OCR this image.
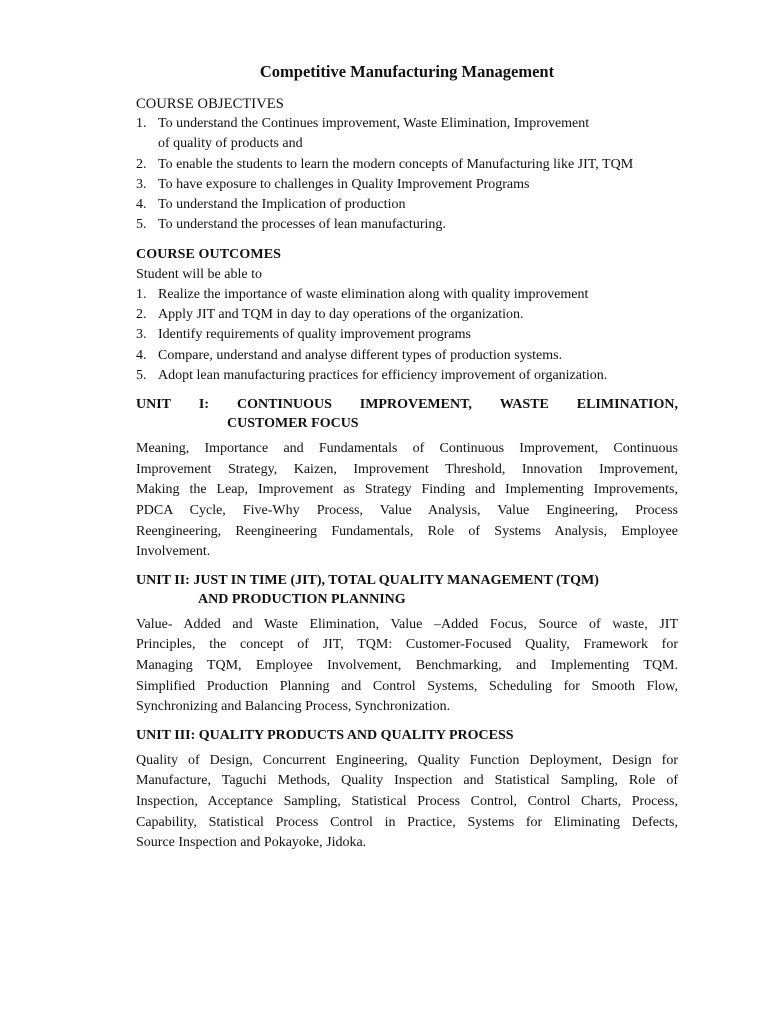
Competitive Manufacturing Management
COURSE OBJECTIVES
1. To understand the Continues improvement, Waste Elimination, Improvement
of quality of products and
2. To enable the students to learn the modern concepts of Manufacturing like JIT, TQM
3. To have exposure to challenges in Quality Improvement Programs
4. To understand the Implication of production
5. To understand the processes of lean manufacturing.
COURSE OUTCOMES
Student will be able to
1. Realize the importance of waste elimination along with quality improvement
2. Apply JIT and TQM in day to day operations of the organization.
3. Identify requirements of quality improvement programs
4. Compare, understand and analyse different types of production systems.
5. Adopt lean manufacturing practices for efficiency improvement of organization.
UNIT I: CONTINUOUS IMPROVEMENT, WASTE ELIMINATION,
CUSTOMER FOCUS
Meaning, Importance and Fundamentals of Continuous Improvement, Continuous
Improvement Strategy, Kaizen, Improvement Threshold, Innovation Improvement,
Making the Leap, Improvement as Strategy Finding and Implementing Improvements,
PDCA Cycle, Five-Why Process, Value Analysis, Value Engineering, Process
Reengineering, Reengineering Fundamentals, Role of Systems Analysis, Employee
Involvement.
UNIT II: JUST IN TIME (JIT), TOTAL QUALITY MANAGEMENT (TQM)
AND PRODUCTION PLANNING
Value- Added and Waste Elimination, Value –Added Focus, Source of waste, JIT
Principles, the concept of JIT, TQM: Customer-Focused Quality, Framework for
Managing TQM, Employee Involvement, Benchmarking, and Implementing TQM.
Simplified Production Planning and Control Systems, Scheduling for Smooth Flow,
Synchronizing and Balancing Process, Synchronization.
UNIT III: QUALITY PRODUCTS AND QUALITY PROCESS
Quality of Design, Concurrent Engineering, Quality Function Deployment, Design for
Manufacture, Taguchi Methods, Quality Inspection and Statistical Sampling, Role of
Inspection, Acceptance Sampling, Statistical Process Control, Control Charts, Process,
Capability, Statistical Process Control in Practice, Systems for Eliminating Defects,
Source Inspection and Pokayoke, Jidoka.
